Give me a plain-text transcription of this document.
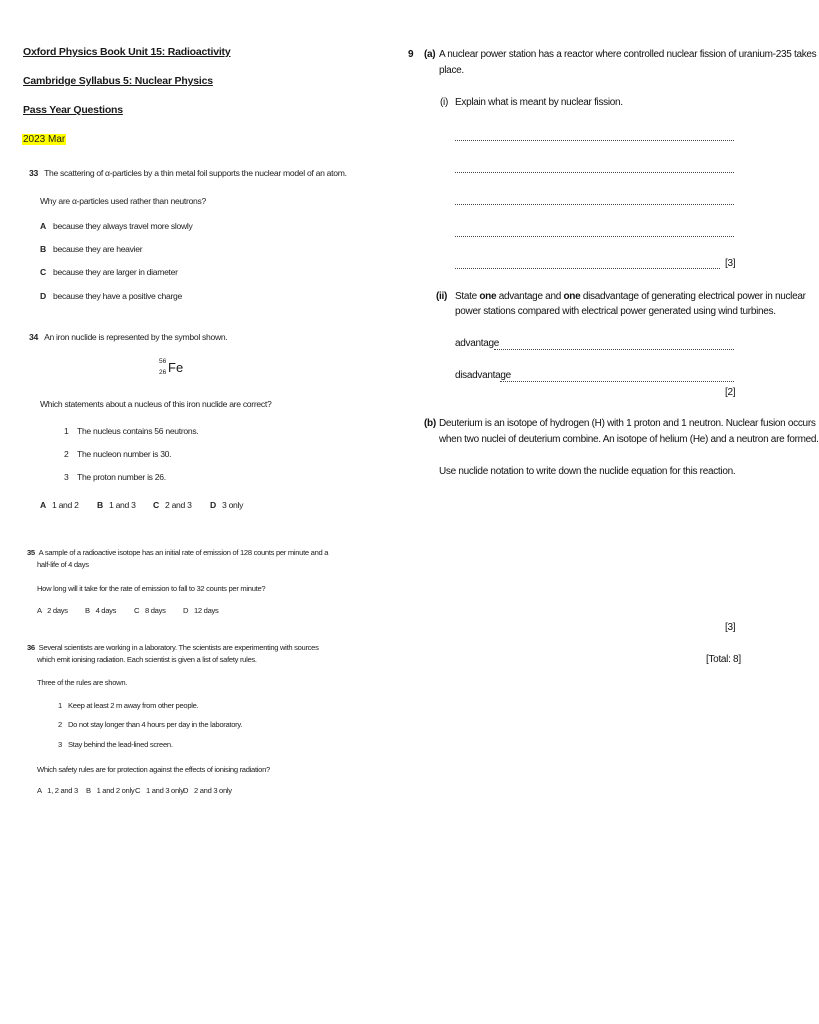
Oxford Physics Book Unit 15: Radioactivity
Cambridge Syllabus 5: Nuclear Physics
Pass Year Questions
2023 Mar
33 The scattering of α-particles by a thin metal foil supports the nuclear model of an atom.
Why are α-particles used rather than neutrons?
A because they always travel more slowly
B because they are heavier
C because they are larger in diameter
D because they have a positive charge
34 An iron nuclide is represented by the symbol shown.
56
26 Fe
Which statements about a nucleus of this iron nuclide are correct?
1 The nucleus contains 56 neutrons.
2 The nucleon number is 30.
3 The proton number is 26.
A 1 and 2 B 1 and 3 C 2 and 3 D 3 only
35 A sample of a radioactive isotope has an initial rate of emission of 128 counts per minute and a
half-life of 4 days
How long will it take for the rate of emission to fall to 32 counts per minute?
A 2 days B 4 days C 8 days D 12 days
36 Several scientists are working in a laboratory. The scientists are experimenting with sources
which emit ionising radiation. Each scientist is given a list of safety rules.
Three of the rules are shown.
1 Keep at least 2 m away from other people.
2 Do not stay longer than 4 hours per day in the laboratory.
3 Stay behind the lead-lined screen.
Which safety rules are for protection against the effects of ionising radiation?
A 1, 2 and 3 B 1 and 2 only C 1 and 3 only D 2 and 3 only
9 (a) A nuclear power station has a reactor where controlled nuclear fission of uranium-235 takes
place.
(i) Explain what is meant by nuclear fission.
[3]
(ii) State one advantage and one disadvantage of generating electrical power in nuclear
power stations compared with electrical power generated using wind turbines.
advantage
disadvantage
[2]
(b) Deuterium is an isotope of hydrogen (H) with 1 proton and 1 neutron. Nuclear fusion occurs
when two nuclei of deuterium combine. An isotope of helium (He) and a neutron are formed.
Use nuclide notation to write down the nuclide equation for this reaction.
[3]
[Total: 8]
